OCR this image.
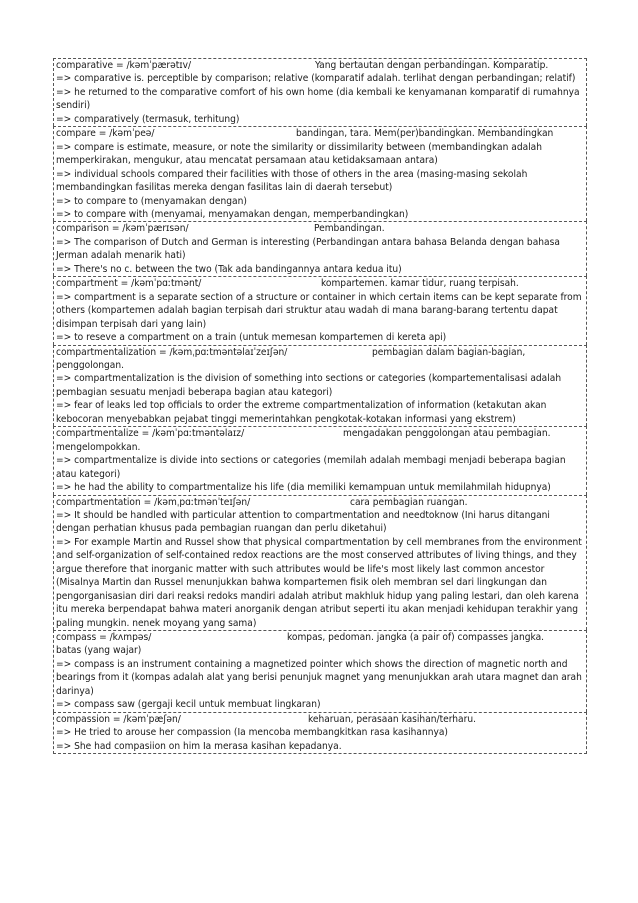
comparative = /kəmˈpærətɪv/	Yang bertautan dengan perbandingan. Komparatip.
=> comparative is. perceptible by comparison; relative (komparatif adalah. terlihat dengan perbandingan; relatif)
=> he returned to the comparative comfort of his own home (dia kembali ke kenyamanan komparatif di rumahnya sendiri)
=> comparatively (termasuk, terhitung)
compare = /kəmˈpeə/	bandingan, tara. Mem(per)bandingkan. Membandingkan
=> compare is estimate, measure, or note the similarity or dissimilarity between (membandingkan adalah memperkirakan, mengukur, atau mencatat persamaan atau ketidaksamaan antara)
=> individual schools compared their facilities with those of others in the area (masing-masing sekolah membandingkan fasilitas mereka dengan fasilitas lain di daerah tersebut)
=> to compare to (menyamakan dengan)
=> to compare with (menyamai, menyamakan dengan, memperbandingkan)
comparison = /kəmˈpærɪsən/	Pembandingan.
=> The comparison of Dutch and German is interesting (Perbandingan antara bahasa Belanda dengan bahasa Jerman adalah menarik hati)
=> There's no c. between the two (Tak ada bandingannya antara kedua itu)
compartment = /kəmˈpɑːtmənt/	kompartemen. kamar tidur, ruang terpisah.
=> compartment is a separate section of a structure or container in which certain items can be kept separate from others (kompartemen adalah bagian terpisah dari struktur atau wadah di mana barang-barang tertentu dapat disimpan terpisah dari yang lain)
=> to reseve a compartment on a train (untuk memesan kompartemen di kereta api)
compartmentalization = /kəmˌpɑːtməntəlaɪˈzeɪʃən/	pembagian dalam bagian-bagian,
penggolongan.
=> compartmentalization is the division of something into sections or categories (kompartementalisasi adalah pembagian sesuatu menjadi beberapa bagian atau kategori)
=> fear of leaks led top officials to order the extreme compartmentalization of information (ketakutan akan kebocoran menyebabkan pejabat tinggi memerintahkan pengkotak-kotakan informasi yang ekstrem)
compartmentalize = /kəmˈpɑːtməntəlaɪz/	mengadakan penggolongan atau pembagian.
mengelompokkan.
=> compartmentalize is divide into sections or categories (memilah adalah membagi menjadi beberapa bagian atau kategori)
=> he had the ability to compartmentalize his life (dia memiliki kemampuan untuk memilahmilah hidupnya)
compartmentation = /kəmˌpɑːtmənˈteɪʃən/	cara pembagian ruangan.
=> It should be handled with particular attention to compartmentation and needtoknow (Ini harus ditangani dengan perhatian khusus pada pembagian ruangan dan perlu diketahui)
=> For example Martin and Russel show that physical compartmentation by cell membranes from the environment and self-organization of self-contained redox reactions are the most conserved attributes of living things, and they argue therefore that inorganic matter with such attributes would be life's most likely last common ancestor (Misalnya Martin dan Russel menunjukkan bahwa kompartemen fisik oleh membran sel dari lingkungan dan pengorganisasian diri dari reaksi redoks mandiri adalah atribut makhluk hidup yang paling lestari, dan oleh karena itu mereka berpendapat bahwa materi anorganik dengan atribut seperti itu akan menjadi kehidupan terakhir yang paling mungkin. nenek moyang yang sama)
compass = /kʌmpəs/	kompas, pedoman. jangka (a pair of) compasses jangka.
batas (yang wajar)
=> compass is an instrument containing a magnetized pointer which shows the direction of magnetic north and bearings from it (kompas adalah alat yang berisi penunjuk magnet yang menunjukkan arah utara magnet dan arah darinya)
=> compass saw (gergaji kecil untuk membuat lingkaran)
compassion = /kəmˈpæʃən/	keharuan, perasaan kasihan/terharu.
=> He tried to arouse her compassion (Ia mencoba membangkitkan rasa kasihannya)
=> She had compasiion on him Ia merasa kasihan kepadanya.
